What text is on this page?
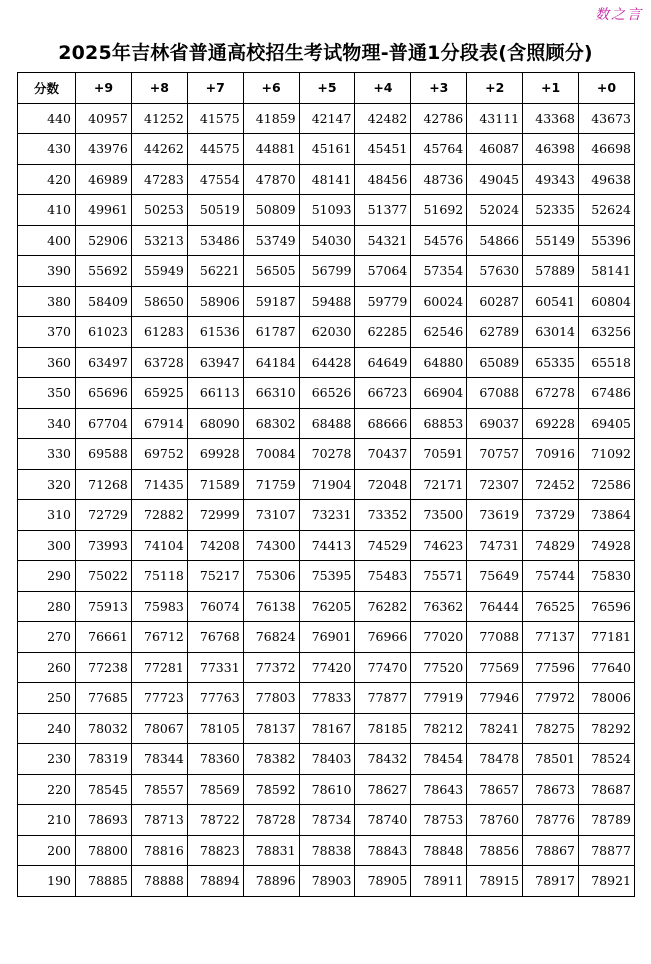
数之言
2025年吉林省普通高校招生考试物理-普通1分段表(含照顾分)
分数	+9	+8	+7	+6	+5	+4	+3	+2	+1	+0
440	40957	41252	41575	41859	42147	42482	42786	43111	43368	43673
430	43976	44262	44575	44881	45161	45451	45764	46087	46398	46698
420	46989	47283	47554	47870	48141	48456	48736	49045	49343	49638
410	49961	50253	50519	50809	51093	51377	51692	52024	52335	52624
400	52906	53213	53486	53749	54030	54321	54576	54866	55149	55396
390	55692	55949	56221	56505	56799	57064	57354	57630	57889	58141
380	58409	58650	58906	59187	59488	59779	60024	60287	60541	60804
370	61023	61283	61536	61787	62030	62285	62546	62789	63014	63256
360	63497	63728	63947	64184	64428	64649	64880	65089	65335	65518
350	65696	65925	66113	66310	66526	66723	66904	67088	67278	67486
340	67704	67914	68090	68302	68488	68666	68853	69037	69228	69405
330	69588	69752	69928	70084	70278	70437	70591	70757	70916	71092
320	71268	71435	71589	71759	71904	72048	72171	72307	72452	72586
310	72729	72882	72999	73107	73231	73352	73500	73619	73729	73864
300	73993	74104	74208	74300	74413	74529	74623	74731	74829	74928
290	75022	75118	75217	75306	75395	75483	75571	75649	75744	75830
280	75913	75983	76074	76138	76205	76282	76362	76444	76525	76596
270	76661	76712	76768	76824	76901	76966	77020	77088	77137	77181
260	77238	77281	77331	77372	77420	77470	77520	77569	77596	77640
250	77685	77723	77763	77803	77833	77877	77919	77946	77972	78006
240	78032	78067	78105	78137	78167	78185	78212	78241	78275	78292
230	78319	78344	78360	78382	78403	78432	78454	78478	78501	78524
220	78545	78557	78569	78592	78610	78627	78643	78657	78673	78687
210	78693	78713	78722	78728	78734	78740	78753	78760	78776	78789
200	78800	78816	78823	78831	78838	78843	78848	78856	78867	78877
190	78885	78888	78894	78896	78903	78905	78911	78915	78917	78921
